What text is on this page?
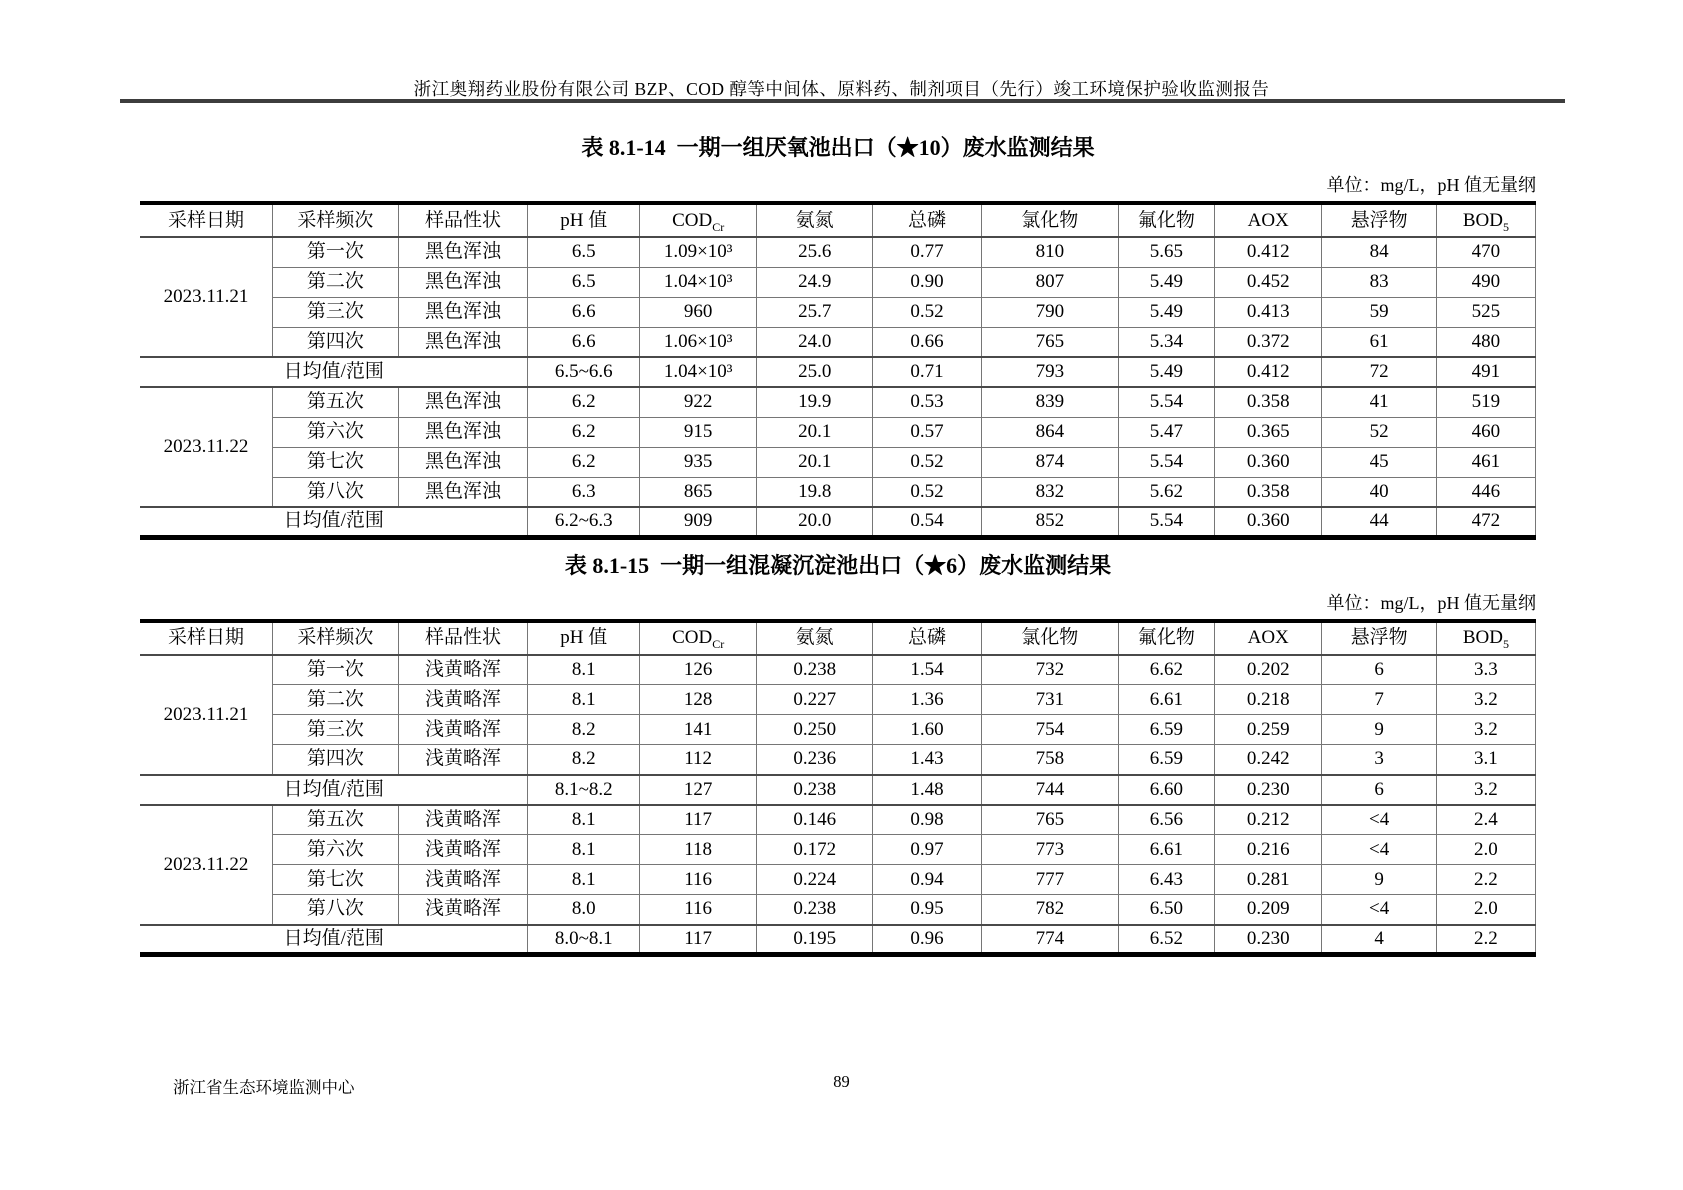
浙江奥翔药业股份有限公司 BZP、COD 醇等中间体、原料药、制剂项目（先行）竣工环境保护验收监测报告
表 8.1-14  一期一组厌氧池出口（★10）废水监测结果
单位：mg/L，pH 值无量纲
采样日期	采样频次	样品性状	pH 值	$COD_{Cr}$	氨氮	总磷	氯化物	氟化物	AOX	悬浮物	$BOD_5$
2023.11.21	第一次	黑色浑浊	6.5	1.09×10³	25.6	0.77	810	5.65	0.412	84	470
	第二次	黑色浑浊	6.5	1.04×10³	24.9	0.90	807	5.49	0.452	83	490
	第三次	黑色浑浊	6.6	960	25.7	0.52	790	5.49	0.413	59	525
	第四次	黑色浑浊	6.6	1.06×10³	24.0	0.66	765	5.34	0.372	61	480
日均值/范围			6.5~6.6	1.04×10³	25.0	0.71	793	5.49	0.412	72	491
2023.11.22	第五次	黑色浑浊	6.2	922	19.9	0.53	839	5.54	0.358	41	519
	第六次	黑色浑浊	6.2	915	20.1	0.57	864	5.47	0.365	52	460
	第七次	黑色浑浊	6.2	935	20.1	0.52	874	5.54	0.360	45	461
	第八次	黑色浑浊	6.3	865	19.8	0.52	832	5.62	0.358	40	446
日均值/范围			6.2~6.3	909	20.0	0.54	852	5.54	0.360	44	472
表 8.1-15  一期一组混凝沉淀池出口（★6）废水监测结果
单位：mg/L，pH 值无量纲
采样日期	采样频次	样品性状	pH 值	$COD_{Cr}$	氨氮	总磷	氯化物	氟化物	AOX	悬浮物	$BOD_5$
2023.11.21	第一次	浅黄略浑	8.1	126	0.238	1.54	732	6.62	0.202	6	3.3
	第二次	浅黄略浑	8.1	128	0.227	1.36	731	6.61	0.218	7	3.2
	第三次	浅黄略浑	8.2	141	0.250	1.60	754	6.59	0.259	9	3.2
	第四次	浅黄略浑	8.2	112	0.236	1.43	758	6.59	0.242	3	3.1
日均值/范围			8.1~8.2	127	0.238	1.48	744	6.60	0.230	6	3.2
2023.11.22	第五次	浅黄略浑	8.1	117	0.146	0.98	765	6.56	0.212	<4	2.4
	第六次	浅黄略浑	8.1	118	0.172	0.97	773	6.61	0.216	<4	2.0
	第七次	浅黄略浑	8.1	116	0.224	0.94	777	6.43	0.281	9	2.2
	第八次	浅黄略浑	8.0	116	0.238	0.95	782	6.50	0.209	<4	2.0
日均值/范围			8.0~8.1	117	0.195	0.96	774	6.52	0.230	4	2.2
89
浙江省生态环境监测中心
